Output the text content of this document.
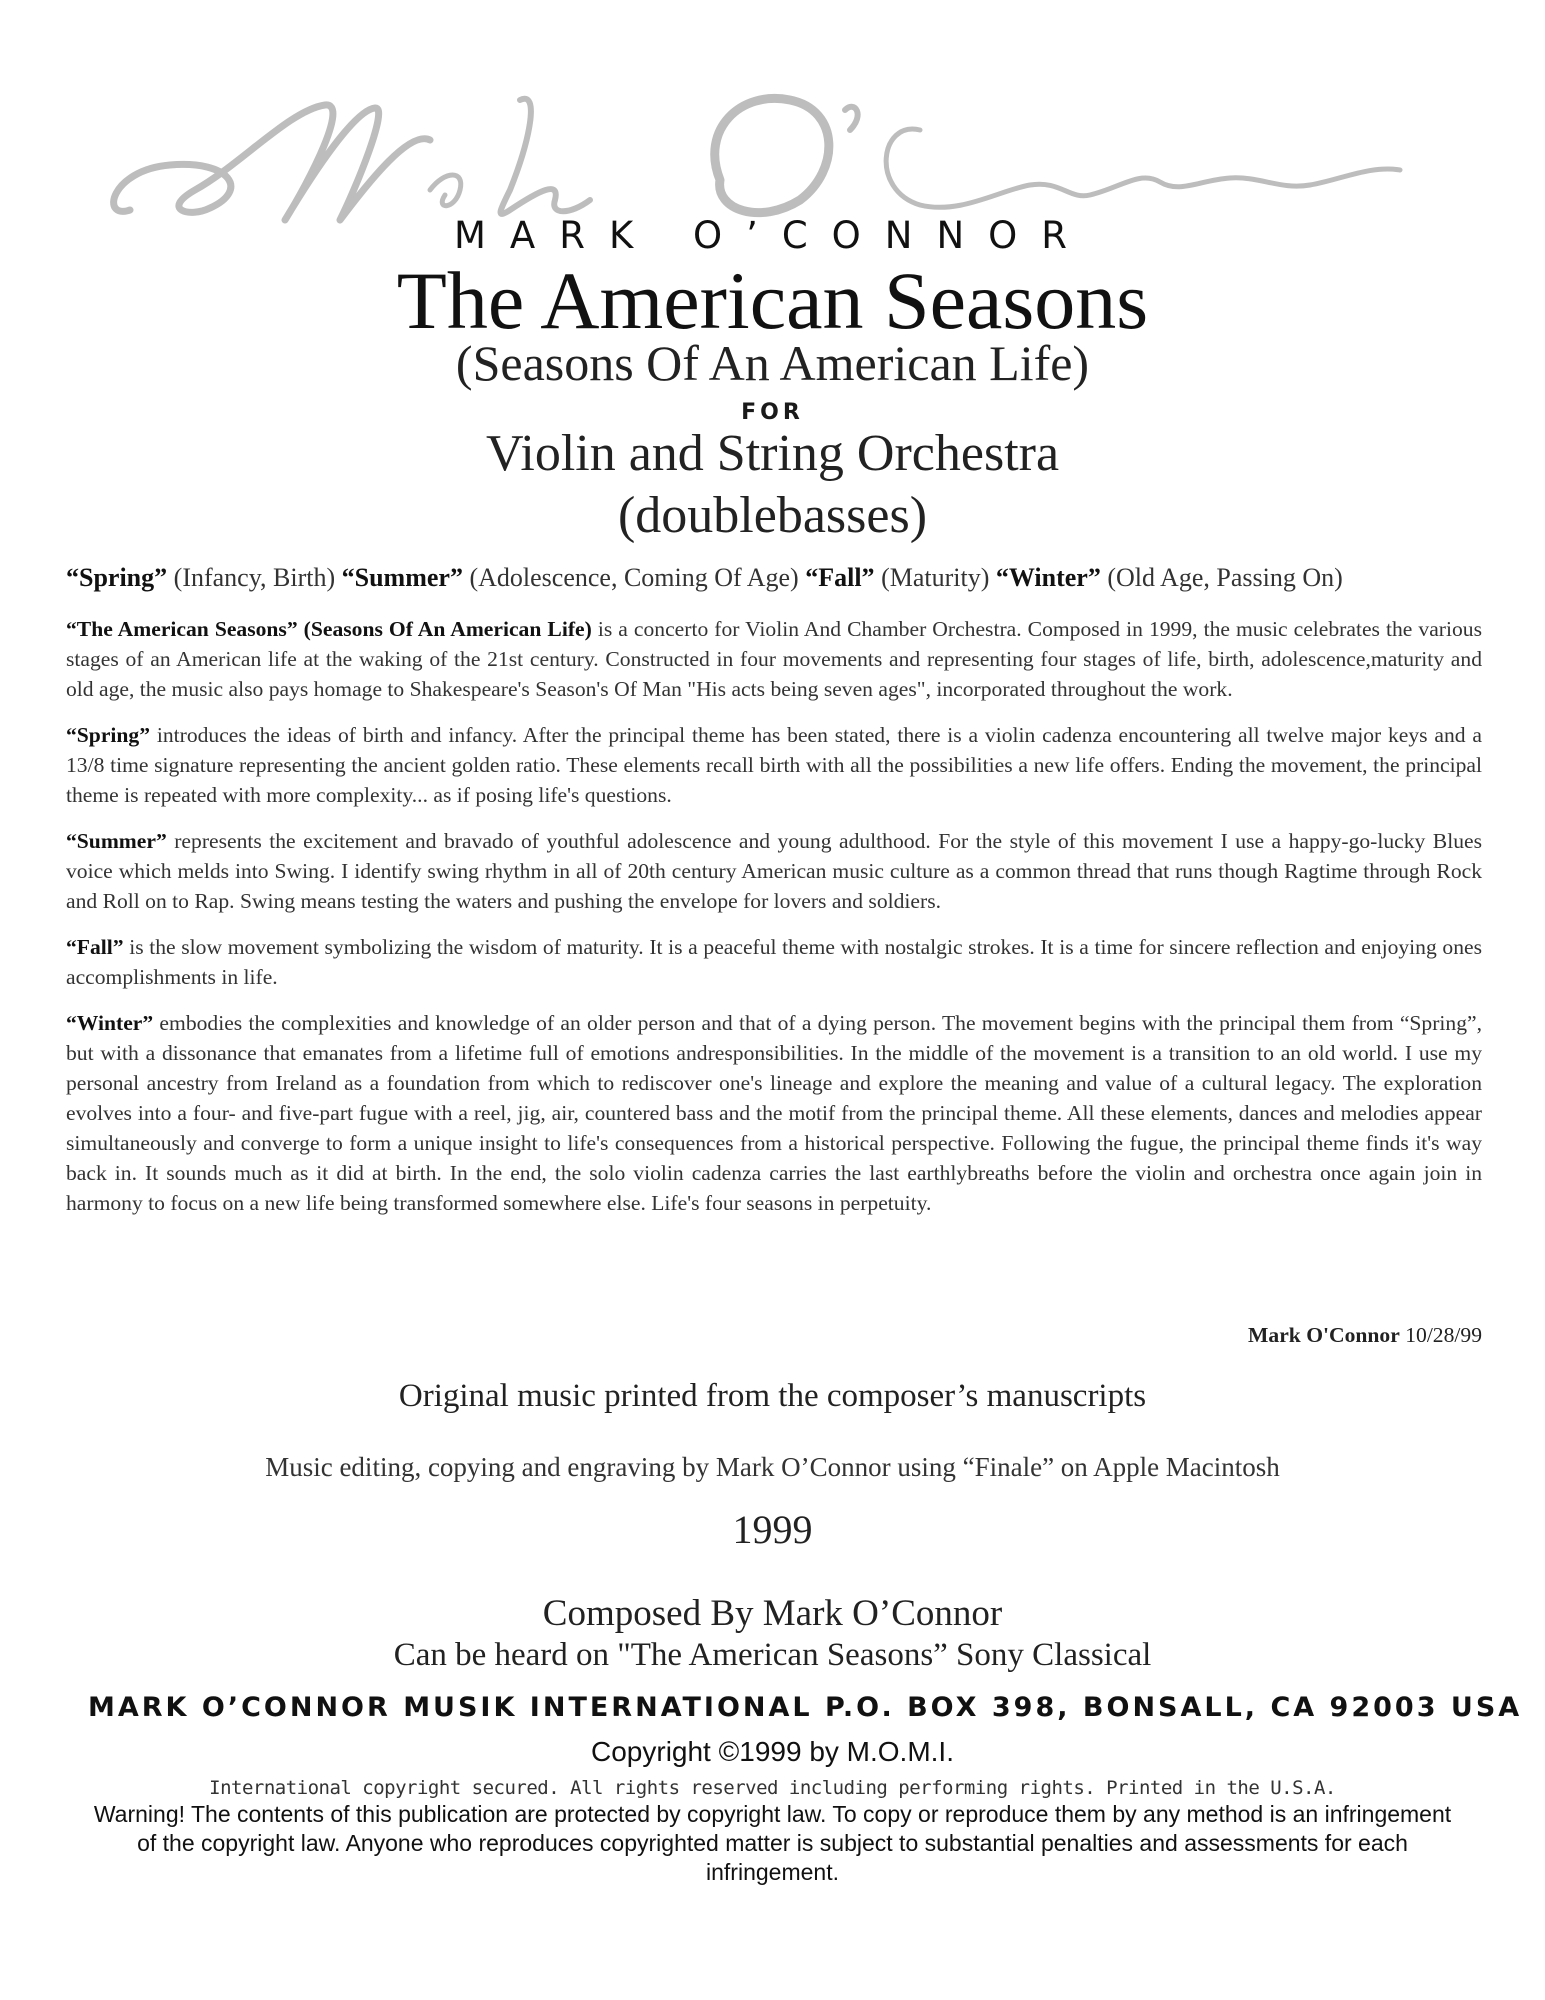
MARK O’CONNOR
The American Seasons
(Seasons Of An American Life)
FOR
Violin and String Orchestra
(doublebasses)
“Spring” (Infancy, Birth) “Summer” (Adolescence, Coming Of Age) “Fall” (Maturity) “Winter” (Old Age, Passing On)

“The American Seasons” (Seasons Of An American Life) is a concerto for Violin And Chamber Orchestra. Composed in 1999, the music celebrates the various stages of an American life at the waking of the 21st century. Constructed in four movements and representing four stages of life, birth, adolescence,maturity and old age, the music also pays homage to Shakespeare's Season's Of Man "His acts being seven ages", incorporated throughout the work.

“Spring” introduces the ideas of birth and infancy. After the principal theme has been stated, there is a violin cadenza encountering all twelve major keys and a 13/8 time signature representing the ancient golden ratio. These elements recall birth with all the possibilities a new life offers. Ending the movement, the principal theme is repeated with more complexity... as if posing life's questions.

“Summer” represents the excitement and bravado of youthful adolescence and young adulthood. For the style of this movement I use a happy-go-lucky Blues voice which melds into Swing. I identify swing rhythm in all of 20th century American music culture as a common thread that runs though Ragtime through Rock and Roll on to Rap. Swing means testing the waters and pushing the envelope for lovers and soldiers.

“Fall” is the slow movement symbolizing the wisdom of maturity. It is a peaceful theme with nostalgic strokes. It is a time for sincere reflection and enjoying ones accomplishments in life.

“Winter” embodies the complexities and knowledge of an older person and that of a dying person. The movement begins with the principal them from “Spring”, but with a dissonance that emanates from a lifetime full of emotions andresponsibilities. In the middle of the movement is a transition to an old world. I use my personal ancestry from Ireland as a foundation from which to rediscover one's lineage and explore the meaning and value of a cultural legacy. The exploration evolves into a four- and five-part fugue with a reel, jig, air, countered bass and the motif from the principal theme. All these elements, dances and melodies appear simultaneously and converge to form a unique insight to life's consequences from a historical perspective. Following the fugue, the principal theme finds it's way back in. It sounds much as it did at birth. In the end, the solo violin cadenza carries the last earthlybreaths before the violin and orchestra once again join in harmony to focus on a new life being transformed somewhere else. Life's four seasons in perpetuity.

Mark O'Connor 10/28/99
Original music printed from the composer’s manuscripts
Music editing, copying and engraving by Mark O’Connor using “Finale” on Apple Macintosh
1999
Composed By Mark O’Connor
Can be heard on "The American Seasons” Sony Classical
MARK O’CONNOR MUSIK INTERNATIONAL P.O. BOX 398, BONSALL, CA 92003 USA
Copyright ©1999 by M.O.M.I.
International copyright secured. All rights reserved including performing rights. Printed in the U.S.A.

Warning! The contents of this publication are protected by copyright law. To copy or reproduce them by any method is an infringement of the copyright law. Anyone who reproduces copyrighted matter is subject to substantial penalties and assessments for each infringement.
